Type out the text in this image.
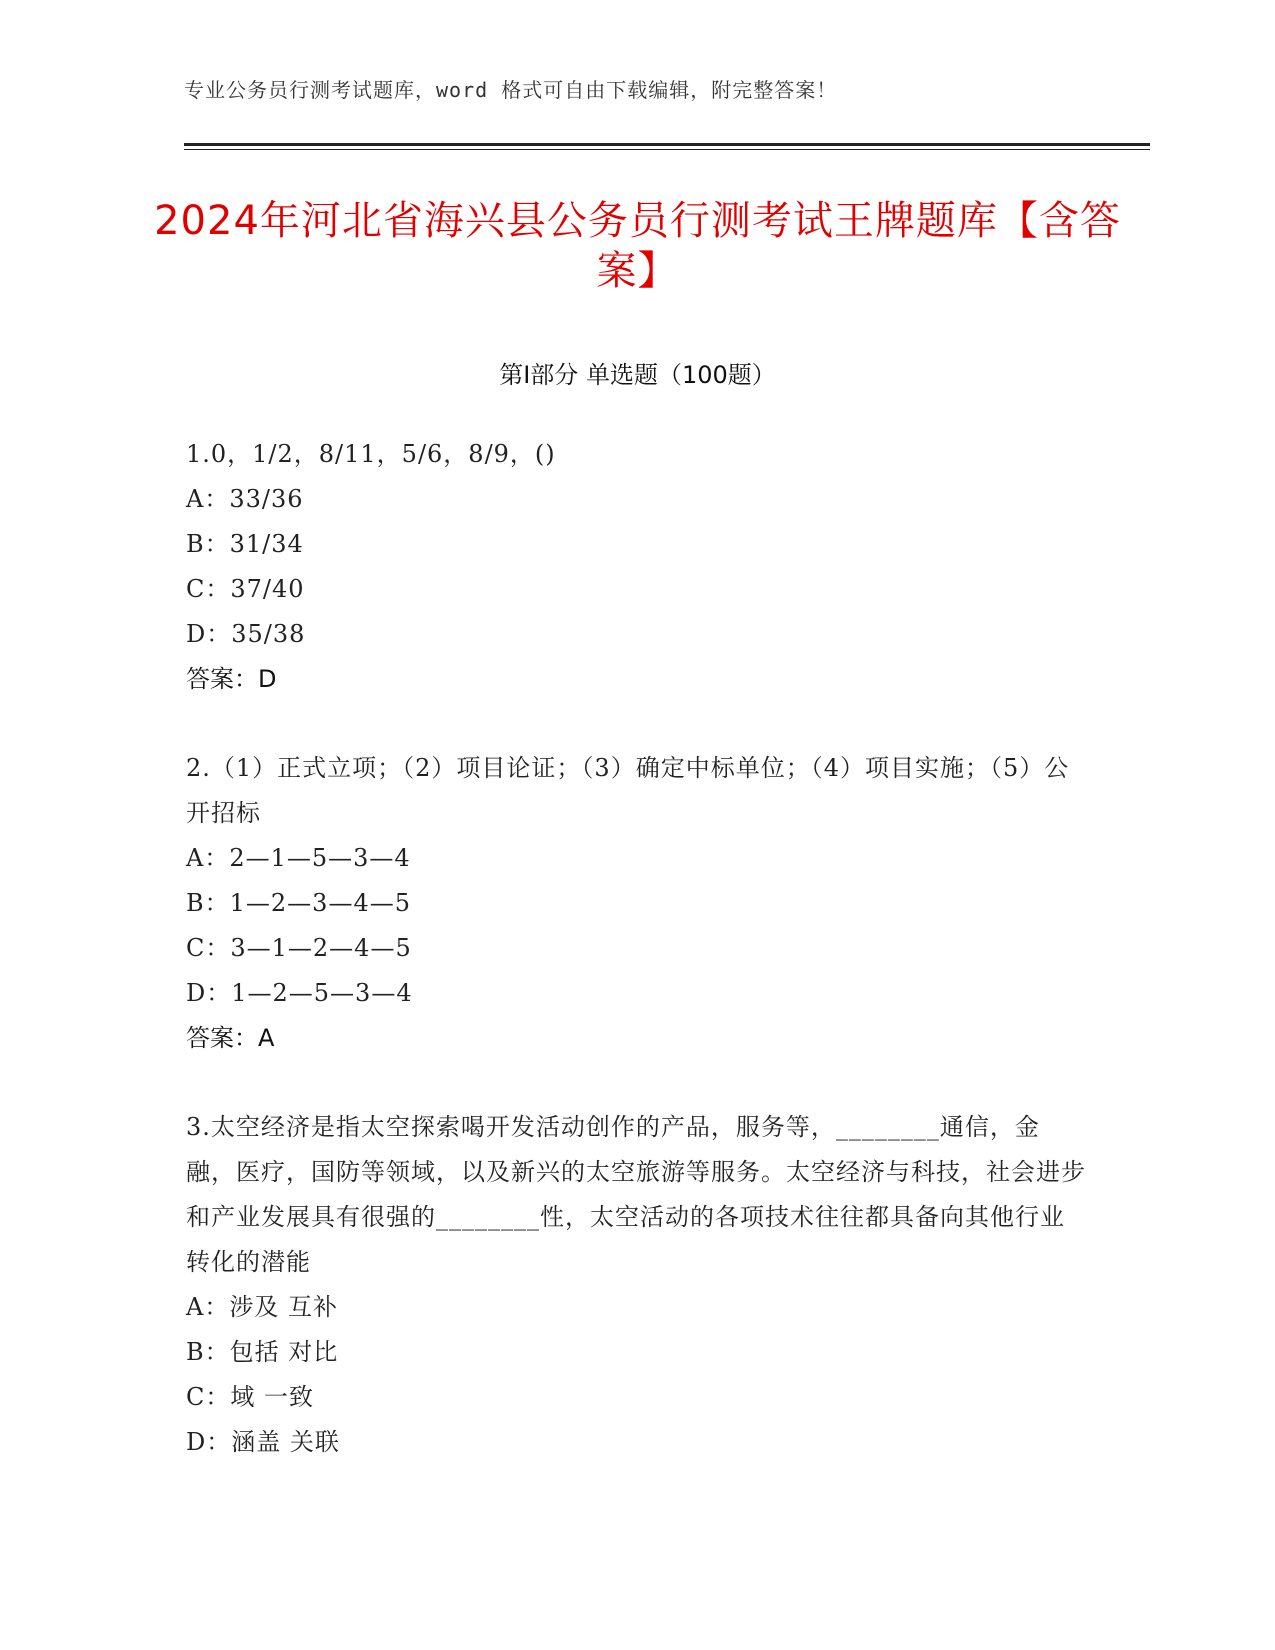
专业公务员行测考试题库，word 格式可自由下载编辑，附完整答案！
2024年河北省海兴县公务员行测考试王牌题库【含答案】
第Ⅰ部分 单选题（100题）
1.0，1/2，8/11，5/6，8/9，()
A：33/36
B：31/34
C：37/40
D：35/38
答案：D
2.（1）正式立项；（2）项目论证；（3）确定中标单位；（4）项目实施；（5）公开招标
A：2—1—5—3—4
B：1—2—3—4—5
C：3—1—2—4—5
D：1—2—5—3—4
答案：A
3.太空经济是指太空探索喝开发活动创作的产品，服务等，________通信，金融，医疗，国防等领域，以及新兴的太空旅游等服务。太空经济与科技，社会进步和产业发展具有很强的________性，太空活动的各项技术往往都具备向其他行业转化的潜能
A：涉及 互补
B：包括 对比
C：域 一致
D：涵盖 关联
